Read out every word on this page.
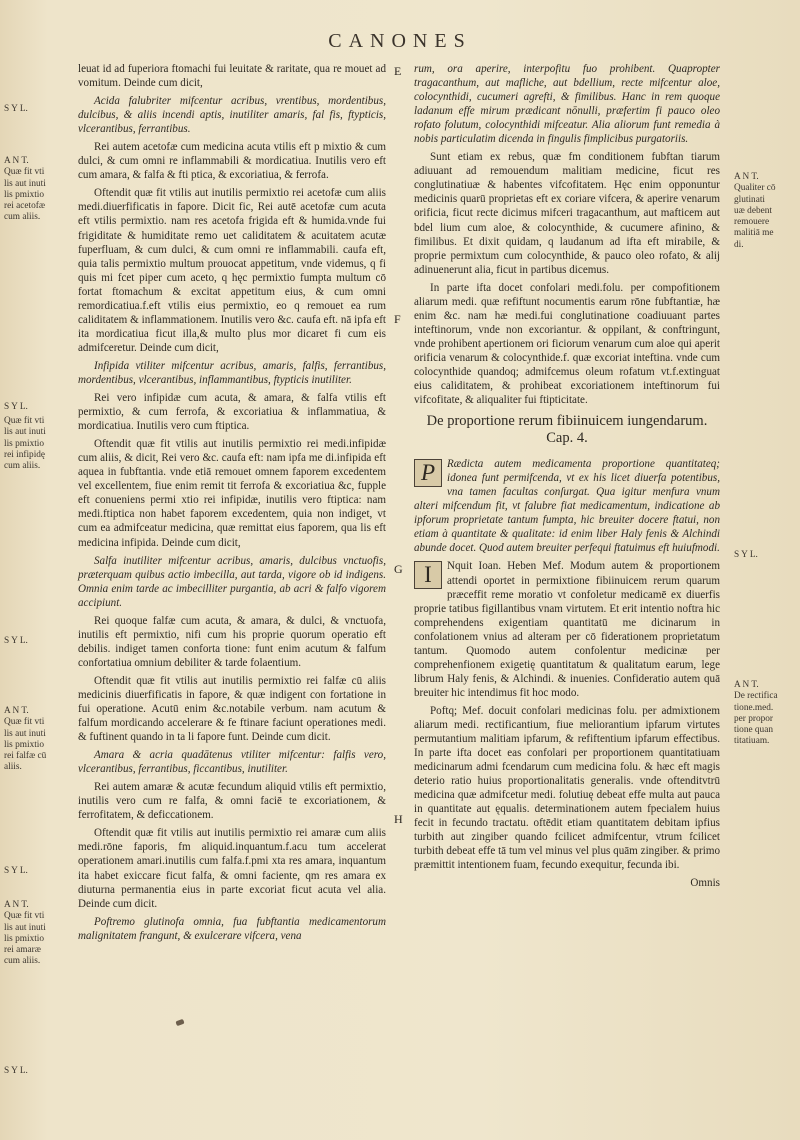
CANONES

leuat id ad fuperiora ftomachi fui leuitate & raritate, qua re mouet ad vomitum. Deinde cum dicit,

Acida falubriter mifcentur acribus, vrentibus, mordentibus, dulcibus, & aliis incendi aptis, inutiliter amaris, fal fis, ftypticis, vlcerantibus, ferrantibus.

Rei autem acetofæ cum medicina acuta vtilis eft p mixtio & cum dulci, & cum omni re inflammabili & mordicatiua. Inutilis vero eft cum amara, & falfa & fti ptica, & excoriatiua, & ferrofa.

Oftendit quæ fit vtilis aut inutilis permixtio rei acetofæ cum aliis medi.diuerfificatis in fapore. Dicit fic, Rei autē acetofæ cum acuta eft vtilis permixtio. nam res acetofa frigida eft & humida.vnde fui frigiditate & humiditate remo uet caliditatem & acuitatem acutæ fuperfluam, & cum dulci, & cum omni re inflammabili. caufa eft, quia talis permixtio multum prouocat appetitum, vnde videmus, q fi quis mi fcet piper cum aceto, q hęc permixtio fumpta multum cō fortat ftomachum & excitat appetitum eius, & cum omni remordicatiua.f.eft vtilis eius permixtio, eo q remouet ea rum caliditatem & inflammationem. Inutilis vero &c. caufa eft. nā ipfa eft ita mordicatiua ficut illa,& multo plus mor dicaret fi cum eis admifceretur. Deinde cum dicit,

Infipida vtiliter mifcentur acribus, amaris, falfis, ferrantibus, mordentibus, vlcerantibus, inflammantibus, ftypticis inutiliter.

Rei vero infipidæ cum acuta, & amara, & falfa vtilis eft permixtio, & cum ferrofa, & excoriatiua & inflammatiua, & mordicatiua. Inutilis vero cum ftiptica.

Oftendit quæ fit vtilis aut inutilis permixtio rei medi.infipidæ cum aliis, & dicit, Rei vero &c. caufa eft: nam ipfa me di.infipida eft aquea in fubftantia. vnde etiā remouet omnem faporem excedentem vel excellentem, fiue enim remit tit ferrofa & excoriatiua &c, fupple eft conueniens permi xtio rei infipidæ, inutilis vero ftiptica: nam medi.ftiptica non habet faporem excedentem, quia non indiget, vt cum ea admifceatur medicina, quæ remittat eius faporem, qua lis eft medicina infipida. Deinde cum dicit,

Salfa inutiliter mifcentur acribus, amaris, dulcibus vnctuofis, præterquam quibus actio imbecilla, aut tarda, vigore ob id indigens. Omnia enim tarde ac imbecilliter purgantia, ab acri & falfo vigorem accipiunt.

Rei quoque falfæ cum acuta, & amara, & dulci, & vnctuofa, inutilis eft permixtio, nifi cum his proprie quorum operatio eft debilis. indiget tamen conforta tione: funt enim acutum & falfum confortatiua omnium debiliter & tarde folaentium.

Oftendit quæ fit vtilis aut inutilis permixtio rei falfæ cū aliis medicinis diuerfificatis in fapore, & quæ indigent con fortatione in fui operatione. Acutū enim &c.notabile verbum. nam acutum & falfum mordicando accelerare & fe ftinare faciunt operationes medi. & fuftinent quando in ta li fapore funt. Deinde cum dicit.

Amara & acria quadātenus vtiliter mifcentur: falfis vero, vlcerantibus, ferrantibus, ficcantibus, inutiliter.

Rei autem amaræ & acutæ fecundum aliquid vtilis eft permixtio, inutilis vero cum re falfa, & omni faciē te excoriationem, & ferrofitatem, & deficcationem.

Oftendit quæ fit vtilis aut inutilis permixtio rei amaræ cum aliis medi.rōne faporis, fm aliquid.inquantum.f.acu tum accelerat operationem amari.inutilis cum falfa.f.pmi xta res amara, inquantum ita habet exiccare ficut falfa, & omni faciente, qm res amara ex diuturna permanentia eius in parte excoriat ficut acuta vel alia. Deinde cum dicit.

Poftremo glutinofa omnia, fua fubftantia medicamentorum malignitatem frangunt, & exulcerare vifcera, vena

rum, ora aperire, interpofitu fuo prohibent. Quapropter tragacanthum, aut mafliche, aut bdellium, recte mifcentur aloe, colocynthidi, cucumeri agrefti, & fimilibus. Hanc in rem quoque ladanum effe mirum prædicant nōnulli, præfertim fi pauco oleo rofato folutum, colocynthidi mifceatur. Alia aliorum funt remedia à nobis particulatim dicenda in fingulis fimplicibus purgatoriis.

Sunt etiam ex rebus, quæ fm conditionem fubftan tiarum adiuuant ad remouendum malitiam medicine, ficut res conglutinatiuæ & habentes vifcofitatem. Hęc enim opponuntur medicinis quarū proprietas eft ex coriare vifcera, & aperire venarum orificia, ficut recte dicimus mifceri tragacanthum, aut mafticem aut bdel lium cum aloe, & colocynthide, & cucumere afinino, & fimilibus. Et dixit quidam, q laudanum ad ifta eft mirabile, & proprie permixtum cum colocynthide, & pauco oleo rofato, & alij adinuenerunt alia, ficut in partibus dicemus.

In parte ifta docet confolari medi.folu. per compofitionem aliarum medi. quæ refiftunt nocumentis earum rōne fubftantiæ, hæ enim &c. nam hæ medi.fui conglutinatione coadiuuant partes inteftinorum, vnde non excoriantur. & oppilant, & conftringunt, vnde prohibent apertionem ori ficiorum venarum cum aloe qui aperit orificia venarum & colocynthide.f. quæ excoriat inteftina. vnde cum colocynthide quandoq; admifcemus oleum rofatum vt.f.extinguat eius caliditatem, & prohibeat excoriationem inteftinorum fui vifcofitate, & aliqualiter fui ftipticitate.

De proportione rerum fibiinuicem iungendarum. Cap. 4.

P	Rædicta autem medicamenta proportione quantitateq; idonea funt permifcenda, vt ex his licet diuerfa potentibus, vna tamen facultas conſurgat. Qua igitur menfura vnum alteri mifcendum fit, vt falubre fiat medicamentum, indicatione ab ipforum proprietate tantum fumpta, hic breuiter docere ftatui, non etiam à quantitate & qualitate: id enim liber Haly fenis & Alchindi abunde docet. Quod autem breuiter perfequi ftatuimus eft huiufmodi.

I	Nquit Ioan. Heben Mef. Modum autem & proportionem attendi oportet in permixtione fibiinuicem rerum quarum præceffit reme moratio vt confoletur medicamē ex diuerfis proprie tatibus figillantibus vnam virtutem. Et erit intentio noftra hic comprehendens exigentiam quantitatū me dicinarum in confolationem vnius ad alteram per cō fiderationem proprietatum tantum. Quomodo autem confolentur medicinæ per comprehenfionem exigetię quantitatum & qualitatum earum, lege librum Haly fenis, & Alchindi. & inuenies. Confideratio autem quā breuiter hic intendimus fit hoc modo.

Poftq; Mef. docuit confolari medicinas folu. per admixtionem aliarum medi. rectificantium, fiue meliorantium ipfarum virtutes permutantium malitiam ipfarum, & refiftentium ipfarum effectibus. In parte ifta docet eas confolari per proportionem quantitatiuam medicinarum admi fcendarum cum medicina folu. & hæc eft magis deterio ratio huius proportionalitatis generalis. vnde oftenditvtrū medicina quæ admifcetur medi. folutiuę debeat effe multa aut pauca in quantitate aut ęqualis. determinationem autem fpecialem huius fecit in fecundo tractatu. oftēdit etiam quantitatem debitam ipfius turbith aut zingiber quando fcilicet admifcentur, vtrum fcilicet turbith debeat effe tā tum vel minus vel plus quām zingiber. & primo præmittit intentionem fuam, fecundo exequitur, fecunda ibi.

Omnis

S Y L.
A N T.
Quæ fit vti
lis aut inuti
lis pmixtio
rei acetofæ
cum aliis.
S Y L.
Quæ fit vti
lis aut inuti
lis pmixtio
rei infipidę
cum aliis.
S Y L.
A N T.
Quæ fit vti
lis aut inuti
lis pmixtio
rei falfæ cū
aliis.
S Y L.
A N T.
Quæ fit vti
lis aut inuti
lis pmixtio
rei amaræ
cum aliis.
S Y L.
A N T.
Qualiter cō
glutinati
uæ debent
remouere
malitiā me
di.
S Y L.
A N T.
De rectifica
tione.med.
per propor
tione quan
titatiuam.
E
F
G
H
